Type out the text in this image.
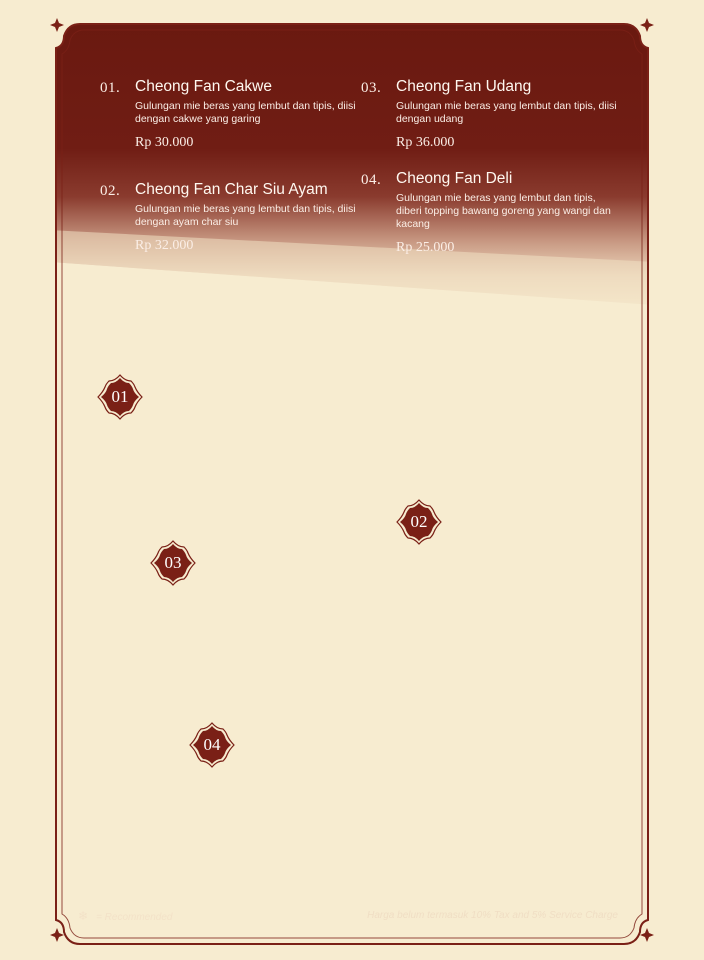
01. Cheong Fan Cakwe
Gulungan mie beras yang lembut dan tipis, diisi dengan cakwe yang garing
Rp 30.000
02. Cheong Fan Char Siu Ayam
Gulungan mie beras yang lembut dan tipis, diisi dengan ayam char siu
Rp 32.000
03. Cheong Fan Udang
Gulungan mie beras yang lembut dan tipis, diisi dengan udang
Rp 36.000
04. Cheong Fan Deli
Gulungan mie beras yang lembut dan tipis, diberi topping bawang goreng yang wangi dan kacang
Rp 25.000
01
02
03
04
❄ = Recommended	Harga belum termasuk 10% Tax and 5% Service Charge
